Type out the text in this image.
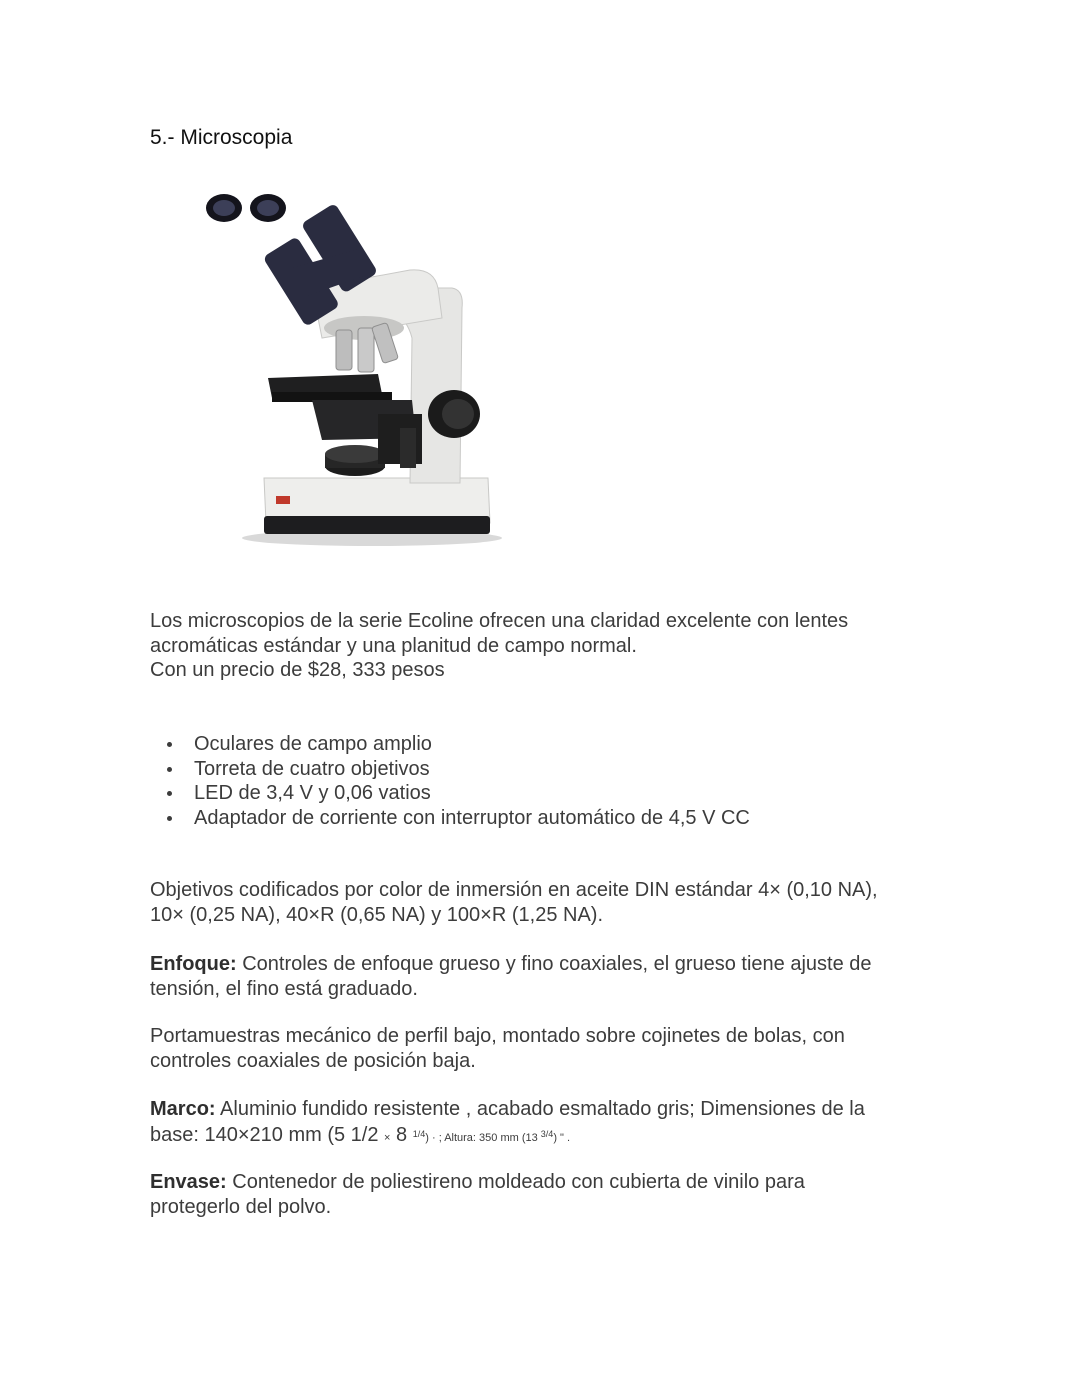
5.- Microscopia
Los microscopios de la serie Ecoline ofrecen una claridad excelente con lentes
acromáticas estándar y una planitud de campo normal.
Con un precio de $28, 333 pesos
Oculares de campo amplio
Torreta de cuatro objetivos
LED de 3,4 V y 0,06 vatios
Adaptador de corriente con interruptor automático de 4,5 V CC
Objetivos codificados por color de inmersión en aceite DIN estándar 4× (0,10 NA),
10× (0,25 NA), 40×R (0,65 NA) y 100×R (1,25 NA).
Enfoque: Controles de enfoque grueso y fino coaxiales, el grueso tiene ajuste de
tensión, el fino está graduado.
Portamuestras mecánico de perfil bajo, montado sobre cojinetes de bolas, con
controles coaxiales de posición baja.
Marco: Aluminio fundido resistente , acabado esmaltado gris; Dimensiones de la
base: 140×210 mm (5 1/2 × 8 $^{1/4}$) · ; Altura: 350 mm (13 $^{3/4}$) " .
Envase: Contenedor de poliestireno moldeado con cubierta de vinilo para
protegerlo del polvo.
